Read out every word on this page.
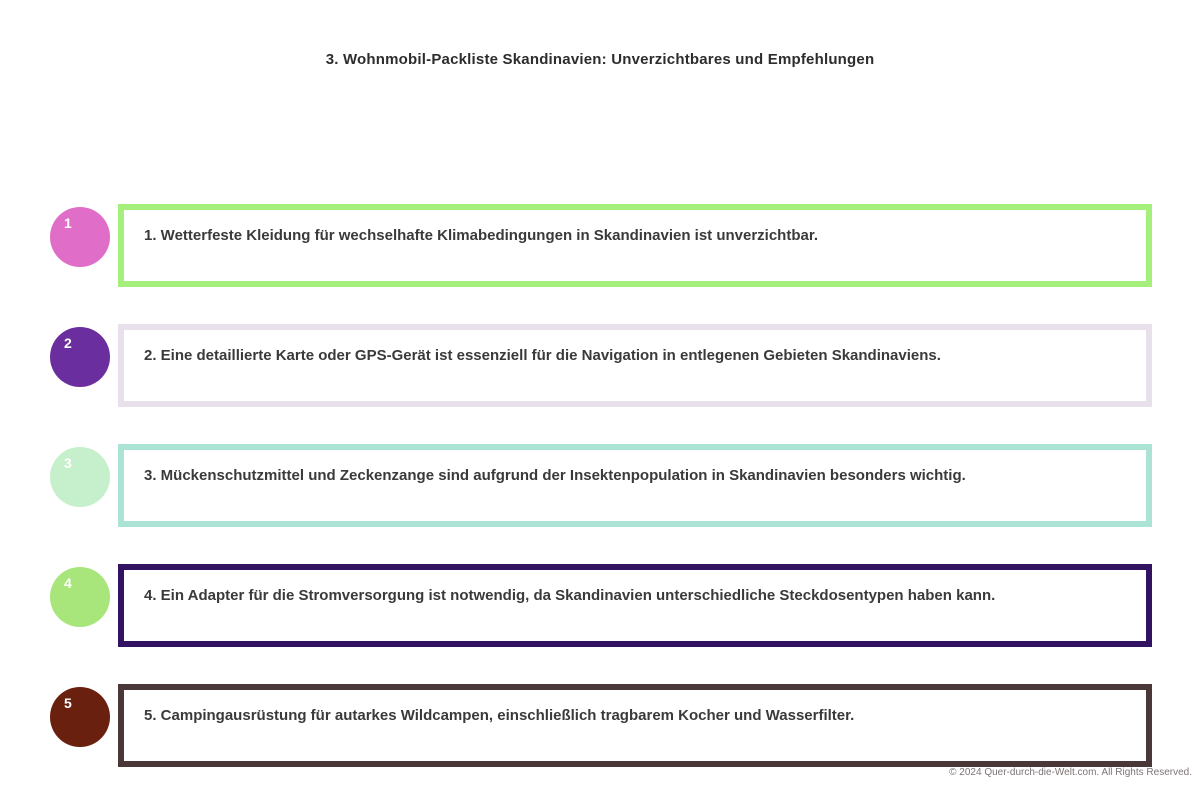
3. Wohnmobil-Packliste Skandinavien: Unverzichtbares und Empfehlungen
© 2024 Quer-durch-die-Welt.com. All Rights Reserved.
1
1. Wetterfeste Kleidung für wechselhafte Klimabedingungen in Skandinavien ist unverzichtbar.
2
2. Eine detaillierte Karte oder GPS-Gerät ist essenziell für die Navigation in entlegenen Gebieten Skandinaviens.
3
3. Mückenschutzmittel und Zeckenzange sind aufgrund der Insektenpopulation in Skandinavien besonders wichtig.
4
4. Ein Adapter für die Stromversorgung ist notwendig, da Skandinavien unterschiedliche Steckdosentypen haben kann.
5
5. Campingausrüstung für autarkes Wildcampen, einschließlich tragbarem Kocher und Wasserfilter.
